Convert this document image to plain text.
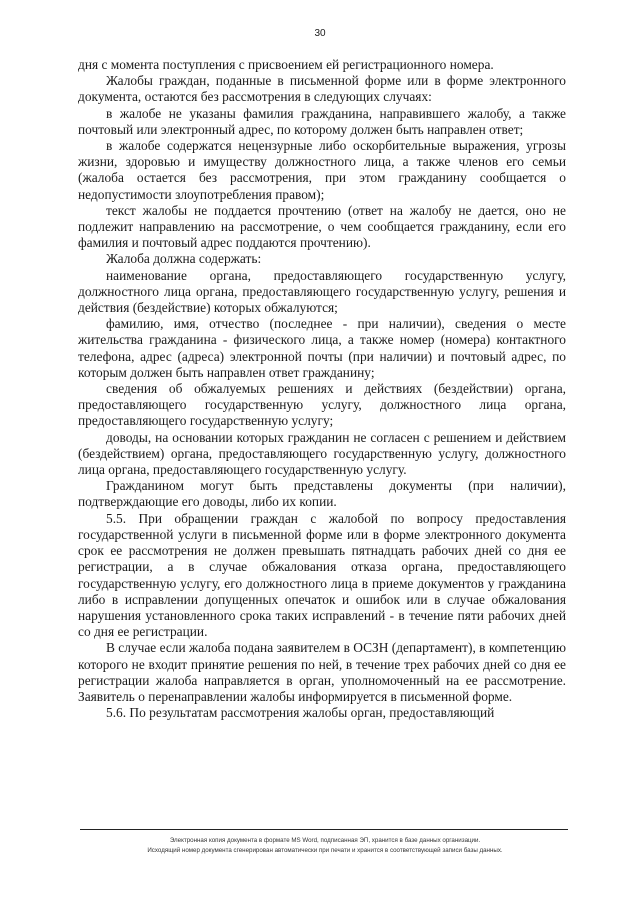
30

дня с момента поступления с присвоением ей регистрационного номера.

Жалобы граждан, поданные в письменной форме или в форме электронного документа, остаются без рассмотрения в следующих случаях:

в жалобе не указаны фамилия гражданина, направившего жалобу, а также почтовый или электронный адрес, по которому должен быть направлен ответ;

в жалобе содержатся нецензурные либо оскорбительные выражения, угрозы жизни, здоровью и имуществу должностного лица, а также членов его семьи (жалоба остается без рассмотрения, при этом гражданину сообщается о недопустимости злоупотребления правом);

текст жалобы не поддается прочтению (ответ на жалобу не дается, оно не подлежит направлению на рассмотрение, о чем сообщается гражданину, если его фамилия и почтовый адрес поддаются прочтению).

Жалоба должна содержать:

наименование органа, предоставляющего государственную услугу, должностного лица органа, предоставляющего государственную услугу, решения и действия (бездействие) которых обжалуются;

фамилию, имя, отчество (последнее - при наличии), сведения о месте жительства гражданина - физического лица, а также номер (номера) контактного телефона, адрес (адреса) электронной почты (при наличии) и почтовый адрес, по которым должен быть направлен ответ гражданину;

сведения об обжалуемых решениях и действиях (бездействии) органа, предоставляющего государственную услугу, должностного лица органа, предоставляющего государственную услугу;

доводы, на основании которых гражданин не согласен с решением и действием (бездействием) органа, предоставляющего государственную услугу, должностного лица органа, предоставляющего государственную услугу.

Гражданином могут быть представлены документы (при наличии), подтверждающие его доводы, либо их копии.

5.5. При обращении граждан с жалобой по вопросу предоставления государственной услуги в письменной форме или в форме электронного документа срок ее рассмотрения не должен превышать пятнадцать рабочих дней со дня ее регистрации, а в случае обжалования отказа органа, предоставляющего государственную услугу, его должностного лица в приеме документов у гражданина либо в исправлении допущенных опечаток и ошибок или в случае обжалования нарушения установленного срока таких исправлений - в течение пяти рабочих дней со дня ее регистрации.

В случае если жалоба подана заявителем в ОСЗН (департамент), в компетенцию которого не входит принятие решения по ней, в течение трех рабочих дней со дня ее регистрации жалоба направляется в орган, уполномоченный на ее рассмотрение. Заявитель о перенаправлении жалобы информируется в письменной форме.

5.6. По результатам рассмотрения жалобы орган, предоставляющий

Электронная копия документа в формате MS Word, подписанная ЭП, хранится в базе данных организации.
Исходящий номер документа сгенерирован автоматически при печати и хранится в соответствующей записи базы данных.
